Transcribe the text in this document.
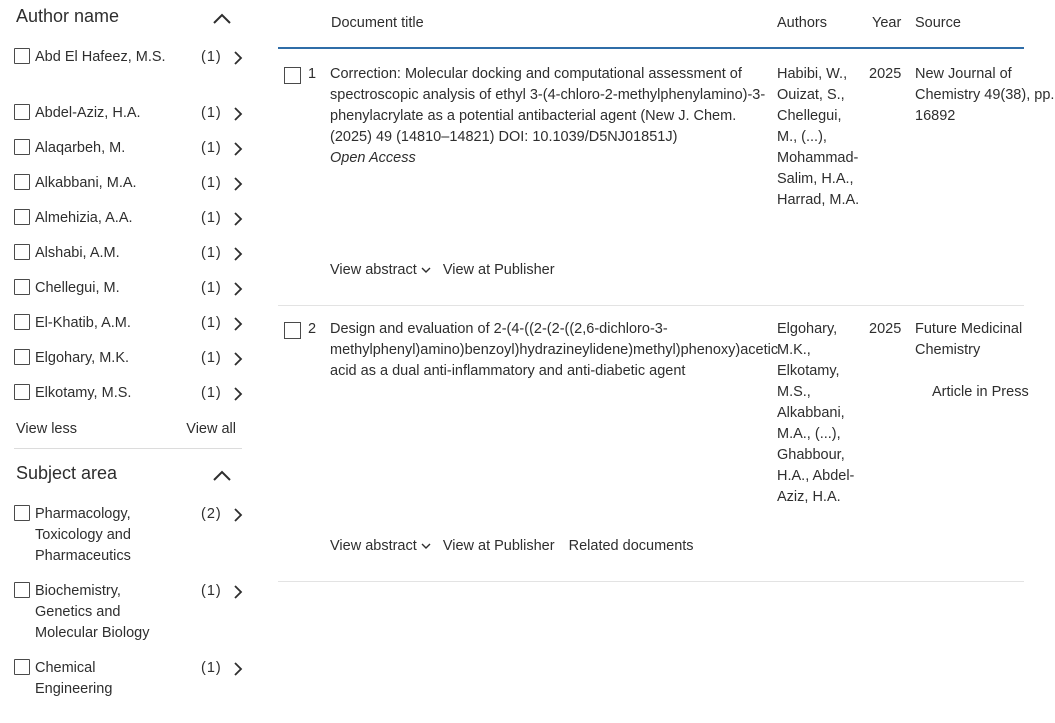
Author name
Abd El Hafeez, M.S.	(1)
Abdel-Aziz, H.A.	(1)
Alaqarbeh, M.	(1)
Alkabbani, M.A.	(1)
Almehizia, A.A.	(1)
Alshabi, A.M.	(1)
Chellegui, M.	(1)
El-Khatib, A.M.	(1)
Elgohary, M.K.	(1)
Elkotamy, M.S.	(1)
View less	View all
Subject area
Pharmacology, Toxicology and Pharmaceutics
(2)
Biochemistry, Genetics and Molecular Biology
(1)
Chemical Engineering
(1)
Document title	Authors	Year Source
1 Correction: Molecular docking and computational assessment of spectroscopic analysis of ethyl 3-(4-chloro-2-methylphenylamino)-3-phenylacrylate as a potential antibacterial agent (New J. Chem. (2025) 49 (14810–14821) DOI: 10.1039/D5NJ01851J)
Open Access
Habibi, W., Ouizat, S., Chellegui, M., (...), Mohammad-Salim, H.A., Harrad, M.A.
2025 New Journal of Chemistry 49(38), pp. 16892
View abstract View at Publisher
2 Design and evaluation of 2-(4-((2-(2-((2,6-dichloro-3-methylphenyl)amino)benzoyl)hydrazineylidene)methyl)phenoxy)acetic acid as a dual anti-inflammatory and anti-diabetic agent
Elgohary, M.K., Elkotamy, M.S., Alkabbani, M.A., (...), Ghabbour, H.A., Abdel-Aziz, H.A.
2025 Future Medicinal Chemistry
Article in Press
View abstract View at Publisher Related documents
